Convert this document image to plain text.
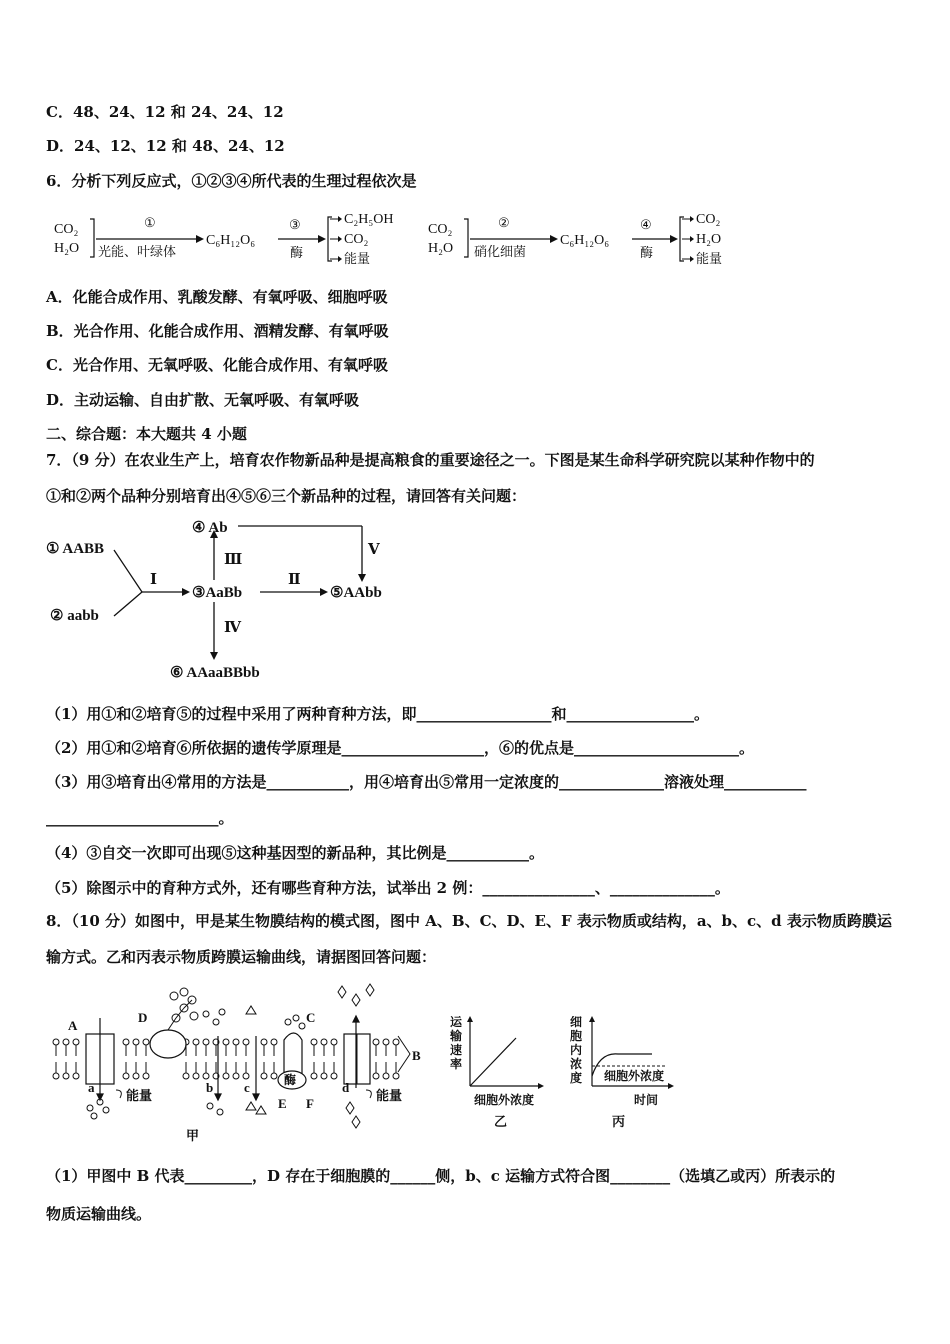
C．48、24、12 和 24、24、12
D．24、12、12 和 48、24、12
6．分析下列反应式，①②③④所代表的生理过程依次是
CO₂
H₂O
①
光能、叶绿体
C₆H₁₂O₆
③
酶
C₂H₅OH
CO₂
能量
CO₂
H₂O
②
硝化细菌
C₆H₁₂O₆
④
酶
CO₂
H₂O
能量
A．化能合成作用、乳酸发酵、有氧呼吸、细胞呼吸
B．光合作用、化能合成作用、酒精发酵、有氧呼吸
C．光合作用、无氧呼吸、化能合成作用、有氧呼吸
D．主动运输、自由扩散、无氧呼吸、有氧呼吸
二、综合题：本大题共 4 小题
7．（9 分）在农业生产上，培育农作物新品种是提高粮食的重要途径之一。下图是某生命科学研究院以某种作物中的
①和②两个品种分别培育出④⑤⑥三个新品种的过程，请回答有关问题：
① AABB
② aabb
Ⅰ
③AaBb
Ⅱ
⑤AAbb
Ⅲ
④ Ab
Ⅴ
Ⅳ
⑥ AAaaBBbb
（1）用①和②培育⑤的过程中采用了两种育种方法，即__________________和_________________。
（2）用①和②培育⑥所依据的遗传学原理是___________________，⑥的优点是______________________。
（3）用③培育出④常用的方法是___________，用④培育出⑤常用一定浓度的______________溶液处理___________
_______________________。
（4）③自交一次即可出现⑤这种基因型的新品种，其比例是___________。
（5）除图示中的育种方式外，还有哪些育种方法，试举出 2 例：_______________、______________。
8．（10 分）如图中，甲是某生物膜结构的模式图，图中 A、B、C、D、E、F 表示物质或结构，a、b、c、d 表示物质跨膜运
输方式。乙和丙表示物质跨膜运输曲线，请据图回答问题：
A
B
C
D
E F
a	b c	d
能量	能量
酶
甲
运输速率
细胞外浓度
乙
细胞内浓度 细胞外浓度
时间
丙
（1）甲图中 B 代表_________，D 存在于细胞膜的______侧，b、c 运输方式符合图________（选填乙或丙）所表示的
物质运输曲线。
